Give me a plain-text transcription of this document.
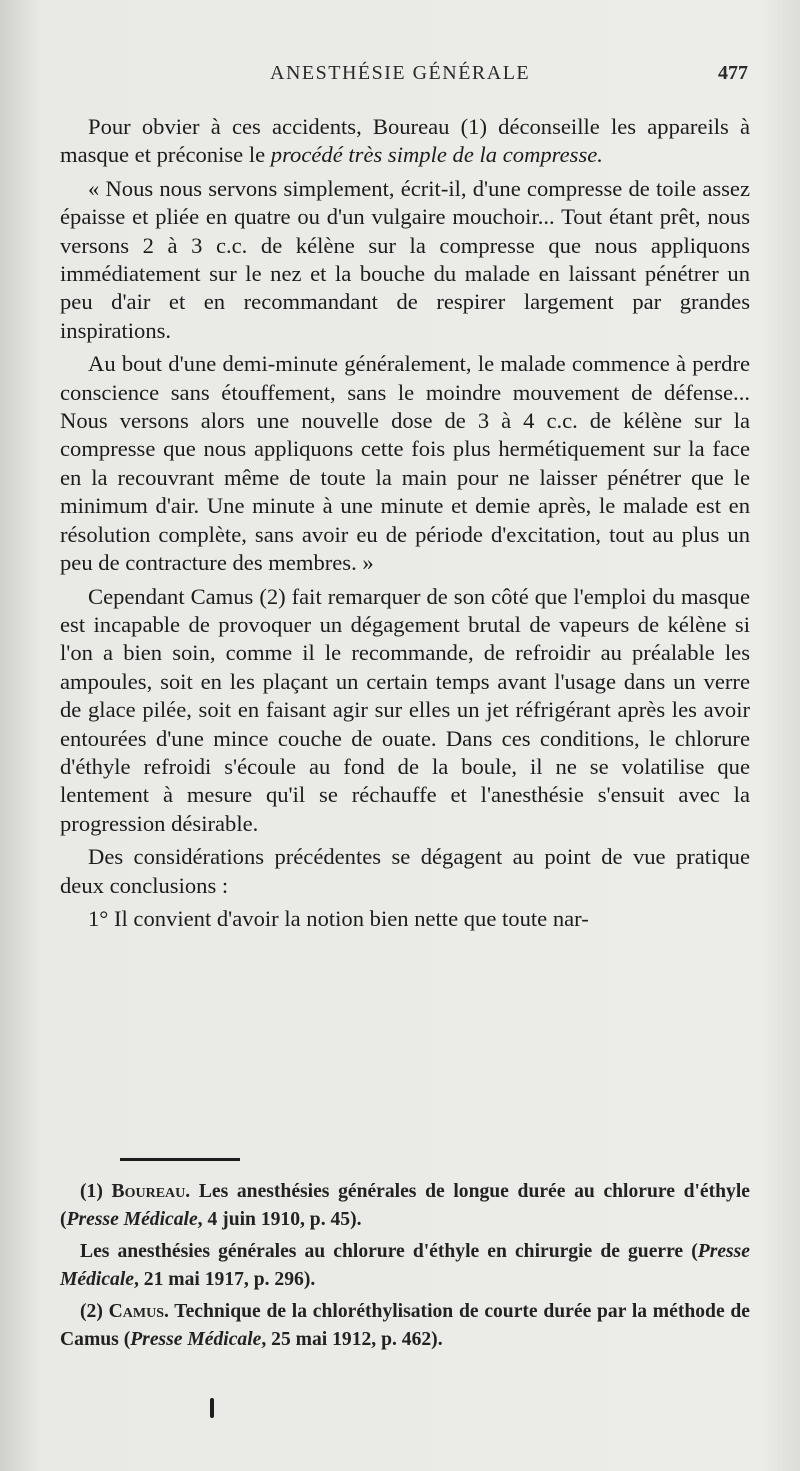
ANESTHÉSIE GÉNÉRALE	477

Pour obvier à ces accidents, Boureau (1) déconseille les appareils à masque et préconise le procédé très simple de la compresse.

« Nous nous servons simplement, écrit-il, d'une compresse de toile assez épaisse et pliée en quatre ou d'un vulgaire mouchoir... Tout étant prêt, nous versons 2 à 3 c.c. de kélène sur la compresse que nous appliquons immédiatement sur le nez et la bouche du malade en laissant pénétrer un peu d'air et en recommandant de respirer largement par grandes inspirations.

Au bout d'une demi-minute généralement, le malade commence à perdre conscience sans étouffement, sans le moindre mouvement de défense... Nous versons alors une nouvelle dose de 3 à 4 c.c. de kélène sur la compresse que nous appliquons cette fois plus hermétiquement sur la face en la recouvrant même de toute la main pour ne laisser pénétrer que le minimum d'air. Une minute à une minute et demie après, le malade est en résolution complète, sans avoir eu de période d'excitation, tout au plus un peu de contracture des membres. »

Cependant Camus (2) fait remarquer de son côté que l'emploi du masque est incapable de provoquer un dégagement brutal de vapeurs de kélène si l'on a bien soin, comme il le recommande, de refroidir au préalable les ampoules, soit en les plaçant un certain temps avant l'usage dans un verre de glace pilée, soit en faisant agir sur elles un jet réfrigérant après les avoir entourées d'une mince couche de ouate. Dans ces conditions, le chlorure d'éthyle refroidi s'écoule au fond de la boule, il ne se volatilise que lentement à mesure qu'il se réchauffe et l'anesthésie s'ensuit avec la progression désirable.

Des considérations précédentes se dégagent au point de vue pratique deux conclusions :

1° Il convient d'avoir la notion bien nette que toute nar-

(1) Boureau. Les anesthésies générales de longue durée au chlorure d'éthyle (Presse Médicale, 4 juin 1910, p. 45).

Les anesthésies générales au chlorure d'éthyle en chirurgie de guerre (Presse Médicale, 21 mai 1917, p. 296).

(2) Camus. Technique de la chloréthylisation de courte durée par la méthode de Camus (Presse Médicale, 25 mai 1912, p. 462).
